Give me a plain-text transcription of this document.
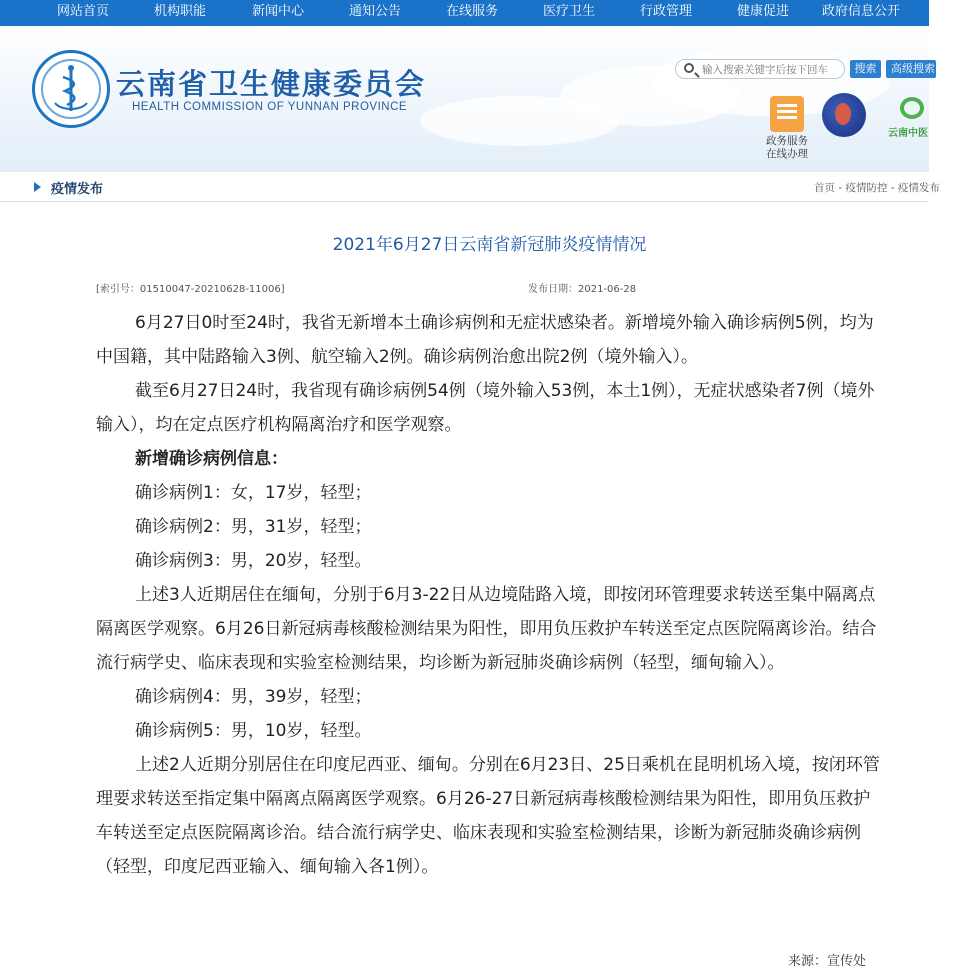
网站首页	机构职能	新闻中心	通知公告	在线服务	医疗卫生	行政管理	健康促进	政府信息公开
云南省卫生健康委员会
HEALTH COMMISSION OF YUNNAN PROVINCE
输入搜索关键字后按下回车
搜索	高级搜索
政务服务
在线办理
云南中医
疫情发布	首页 - 疫情防控 - 疫情发布
2021年6月27日云南省新冠肺炎疫情情况
[索引号：01510047-20210628-11006]	发布日期：2021-06-28

6月27日0时至24时，我省无新增本土确诊病例和无症状感染者。新增境外输入确诊病例5例，均为中国籍，其中陆路输入3例、航空输入2例。确诊病例治愈出院2例（境外输入）。

截至6月27日24时，我省现有确诊病例54例（境外输入53例，本土1例），无症状感染者7例（境外输入），均在定点医疗机构隔离治疗和医学观察。

新增确诊病例信息：

确诊病例1：女，17岁，轻型；

确诊病例2：男，31岁，轻型；

确诊病例3：男，20岁，轻型。

上述3人近期居住在缅甸，分别于6月3-22日从边境陆路入境，即按闭环管理要求转送至集中隔离点隔离医学观察。6月26日新冠病毒核酸检测结果为阳性，即用负压救护车转送至定点医院隔离诊治。结合流行病学史、临床表现和实验室检测结果，均诊断为新冠肺炎确诊病例（轻型，缅甸输入）。

确诊病例4：男，39岁，轻型；

确诊病例5：男，10岁，轻型。

上述2人近期分别居住在印度尼西亚、缅甸。分别在6月23日、25日乘机在昆明机场入境，按闭环管理要求转送至指定集中隔离点隔离医学观察。6月26-27日新冠病毒核酸检测结果为阳性，即用负压救护车转送至定点医院隔离诊治。结合流行病学史、临床表现和实验室检测结果，诊断为新冠肺炎确诊病例（轻型，印度尼西亚输入、缅甸输入各1例）。

来源：宣传处
